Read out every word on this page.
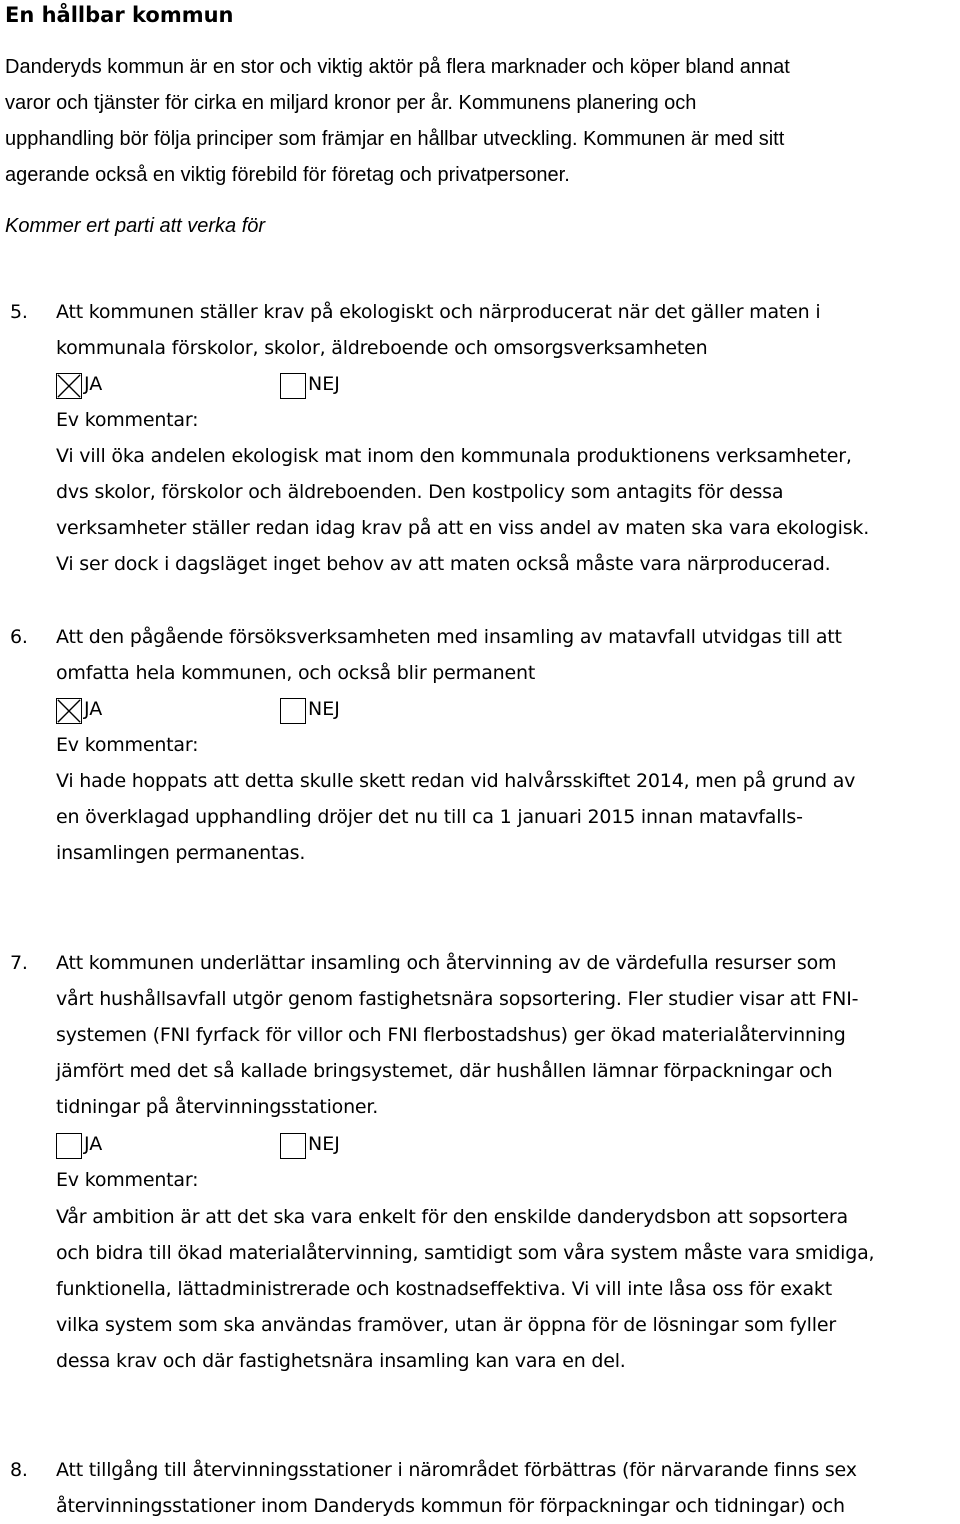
En hållbar kommun
Danderyds kommun är en stor och viktig aktör på flera marknader och köper bland annat
varor och tjänster för cirka en miljard kronor per år. Kommunens planering och
upphandling bör följa principer som främjar en hållbar utveckling. Kommunen är med sitt
agerande också en viktig förebild för företag och privatpersoner.
Kommer ert parti att verka för
5. Att kommunen ställer krav på ekologiskt och närproducerat när det gäller maten i
kommunala förskolor, skolor, äldreboende och omsorgsverksamheten
JA	NEJ
Ev kommentar:
Vi vill öka andelen ekologisk mat inom den kommunala produktionens verksamheter,
dvs skolor, förskolor och äldreboenden. Den kostpolicy som antagits för dessa
verksamheter ställer redan idag krav på att en viss andel av maten ska vara ekologisk.
Vi ser dock i dagsläget inget behov av att maten också måste vara närproducerad.
6. Att den pågående försöksverksamheten med insamling av matavfall utvidgas till att
omfatta hela kommunen, och också blir permanent
JA	NEJ
Ev kommentar:
Vi hade hoppats att detta skulle skett redan vid halvårsskiftet 2014, men på grund av
en överklagad upphandling dröjer det nu till ca 1 januari 2015 innan matavfalls-
insamlingen permanentas.
7. Att kommunen underlättar insamling och återvinning av de värdefulla resurser som
vårt hushållsavfall utgör genom fastighetsnära sopsortering. Fler studier visar att FNI-
systemen (FNI fyrfack för villor och FNI flerbostadshus) ger ökad materialåtervinning
jämfört med det så kallade bringsystemet, där hushållen lämnar förpackningar och
tidningar på återvinningsstationer.
JA	NEJ
Ev kommentar:
Vår ambition är att det ska vara enkelt för den enskilde danderydsbon att sopsortera
och bidra till ökad materialåtervinning, samtidigt som våra system måste vara smidiga,
funktionella, lättadministrerade och kostnadseffektiva. Vi vill inte låsa oss för exakt
vilka system som ska användas framöver, utan är öppna för de lösningar som fyller
dessa krav och där fastighetsnära insamling kan vara en del.
8. Att tillgång till återvinningsstationer i närområdet förbättras (för närvarande finns sex
återvinningsstationer inom Danderyds kommun för förpackningar och tidningar) och
